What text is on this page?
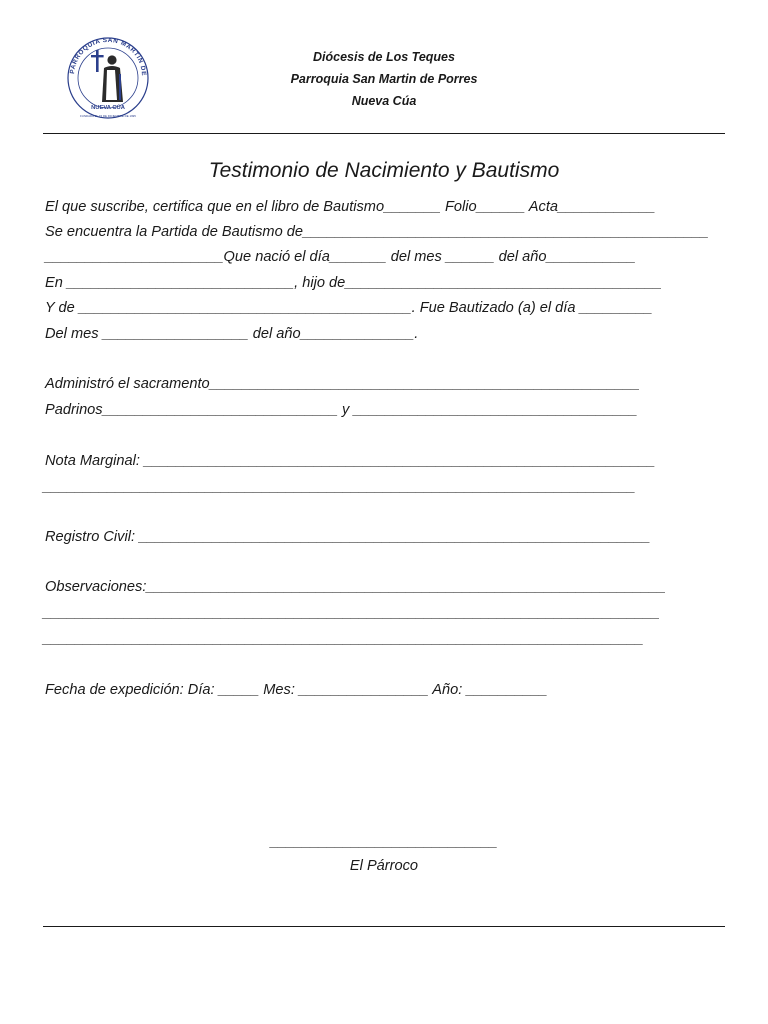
PARROQUIA SAN MARTIN DE
NUEVA CÚA
FUNDADA EL 15 DE DICIEMBRE DE 1995
Diócesis de Los Teques
Parroquia San Martin de Porres
Nueva Cúa
Testimonio de Nacimiento y Bautismo
El que suscribe, certifica que en el libro de Bautismo_______ Folio______ Acta____________
Se encuentra la Partida de Bautismo de__________________________________________________
______________________Que nació el día_______ del mes ______ del año___________
En ____________________________, hijo de_______________________________________
Y de _________________________________________. Fue Bautizado (a) el día _________
Del mes __________________ del año______________.
Administró el sacramento_____________________________________________________
Padrinos_____________________________ y ___________________________________
Nota Marginal: _______________________________________________________________
_________________________________________________________________________
Registro Civil: _______________________________________________________________
Observaciones:________________________________________________________________
____________________________________________________________________________
__________________________________________________________________________
Fecha de expedición: Día: _____ Mes: ________________ Año: __________
____________________________
El Párroco
